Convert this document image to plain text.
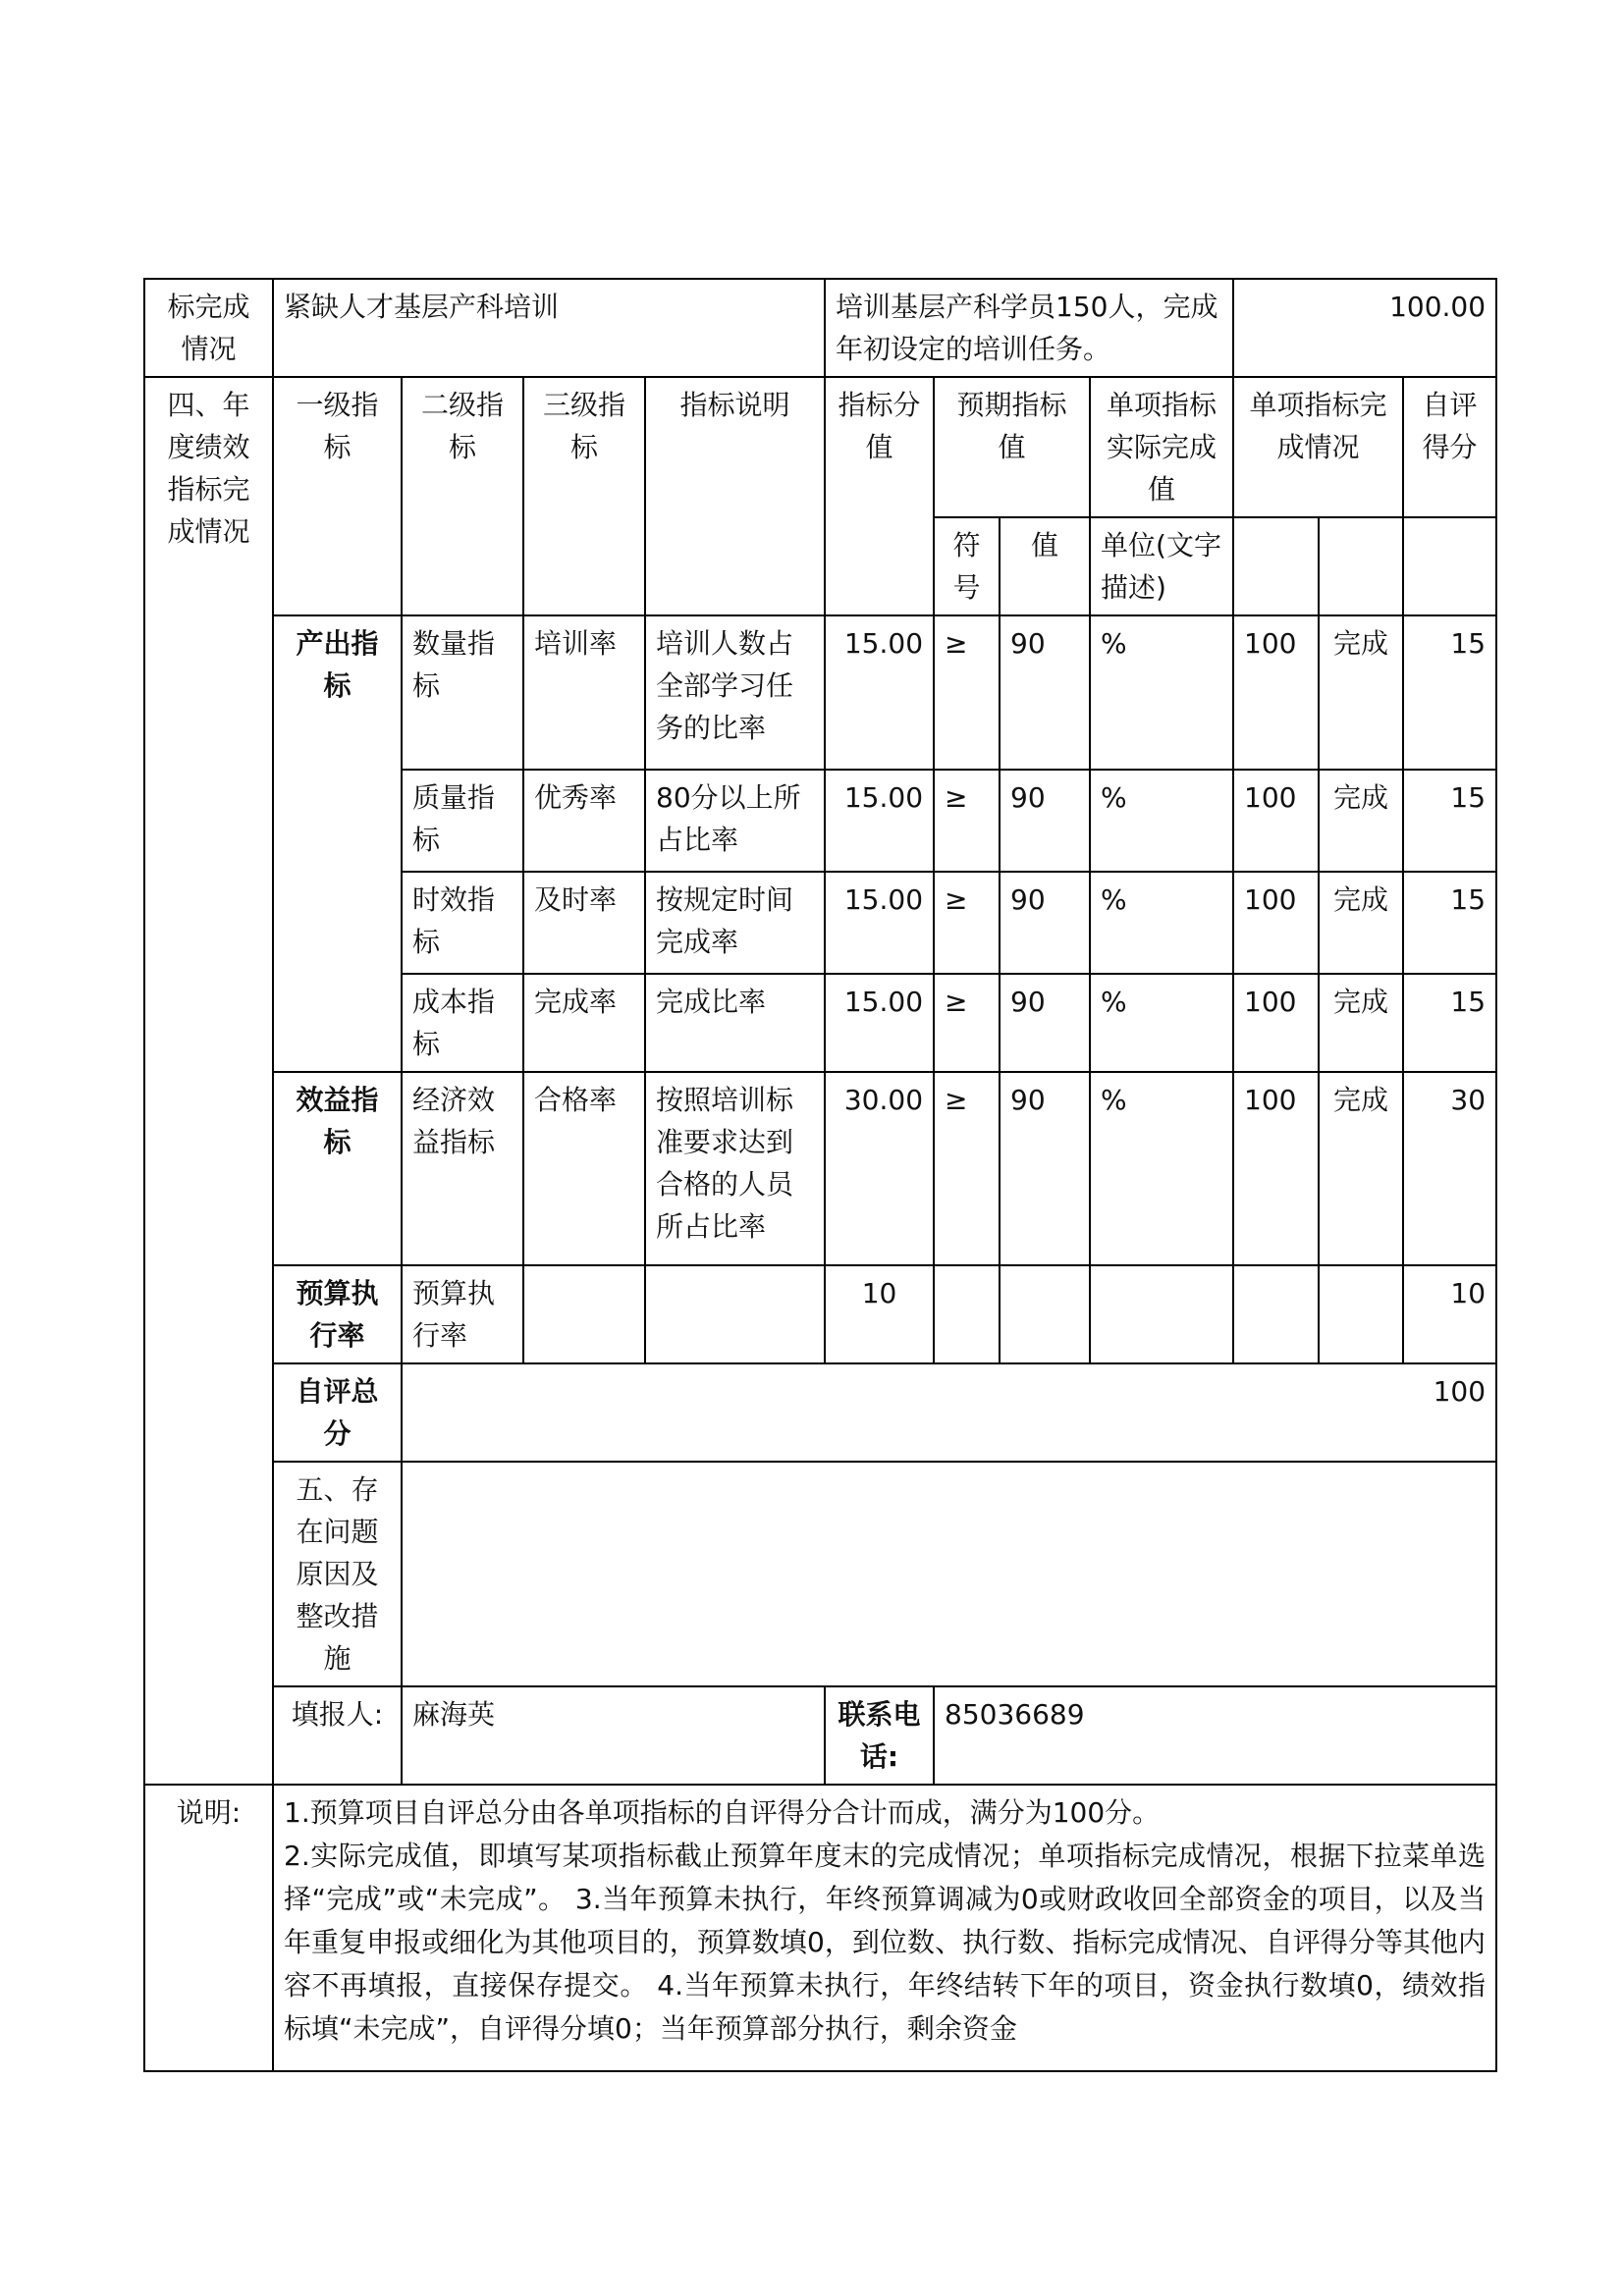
标完成情况	紧缺人才基层产科培训				培训基层产科学员150人，完成年初设定的培训任务。				100.00		
四、年度绩效指标完成情况	一级指标	二级指标	三级指标	指标说明	指标分值	预期指标值		单项指标实际完成值	单项指标完成情况		自评得分
						符号	值	单位(文字描述)			
	产出指标	数量指标	培训率	培训人数占全部学习任务的比率	15.00	≥	90	%	100	完成	15
		质量指标	优秀率	80分以上所占比率	15.00	≥	90	%	100	完成	15
		时效指标	及时率	按规定时间完成率	15.00	≥	90	%	100	完成	15
		成本指标	完成率	完成比率	15.00	≥	90	%	100	完成	15
	效益指标	经济效益指标	合格率	按照培训标准要求达到合格的人员所占比率	30.00	≥	90	%	100	完成	30
	预算执行率	预算执行率			10						10
	自评总分	100									
	五、存在问题原因及整改措施										
	填报人:	麻海英			联系电话:	85036689					
说明:	1.预算项目自评总分由各单项指标的自评得分合计而成，满分为100分。
2.实际完成值，即填写某项指标截止预算年度末的完成情况；单项指标完成情况，根据下拉菜单选择“完成”或“未完成”。 3.当年预算未执行，年终预算调减为0或财政收回全部资金的项目，以及当年重复申报或细化为其他项目的，预算数填0，到位数、执行数、指标完成情况、自评得分等其他内容不再填报，直接保存提交。 4.当年预算未执行，年终结转下年的项目，资金执行数填0，绩效指标填“未完成”，自评得分填0；当年预算部分执行，剩余资金										
